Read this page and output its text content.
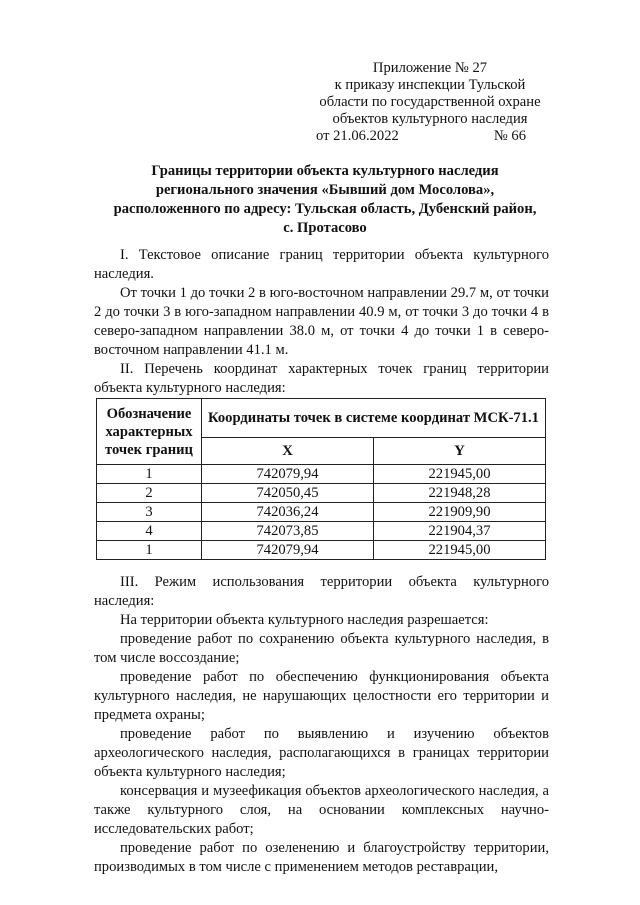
Приложение № 27
к приказу инспекции Тульской
области по государственной охране
объектов культурного наследия
от 21.06.2022	№ 66
Границы территории объекта культурного наследия
регионального значения «Бывший дом Мосолова»,
расположенного по адресу: Тульская область, Дубенский район,
с. Протасово

I. Текстовое описание границ территории объекта культурного наследия.

От точки 1 до точки 2 в юго-восточном направлении 29.7 м, от точки 2 до точки 3 в юго-западном направлении 40.9 м, от точки 3 до точки 4 в северо-западном направлении 38.0 м, от точки 4 до точки 1 в северо-восточном направлении 41.1 м.

II. Перечень координат характерных точек границ территории объекта культурного наследия:

Обозначение характерных точек границ	Координаты точек в системе координат МСК-71.1	
	X	Y
1	742079,94	221945,00
2	742050,45	221948,28
3	742036,24	221909,90
4	742073,85	221904,37
1	742079,94	221945,00

III. Режим использования территории объекта культурного наследия:

На территории объекта культурного наследия разрешается:

проведение работ по сохранению объекта культурного наследия, в том числе воссоздание;

проведение работ по обеспечению функционирования объекта культурного наследия, не нарушающих целостности его территории и предмета охраны;

проведение работ по выявлению и изучению объектов археологического наследия, располагающихся в границах территории объекта культурного наследия;

консервация и музеефикация объектов археологического наследия, а также культурного слоя, на основании комплексных научно-исследовательских работ;

проведение работ по озеленению и благоустройству территории, производимых в том числе с применением методов реставрации,
